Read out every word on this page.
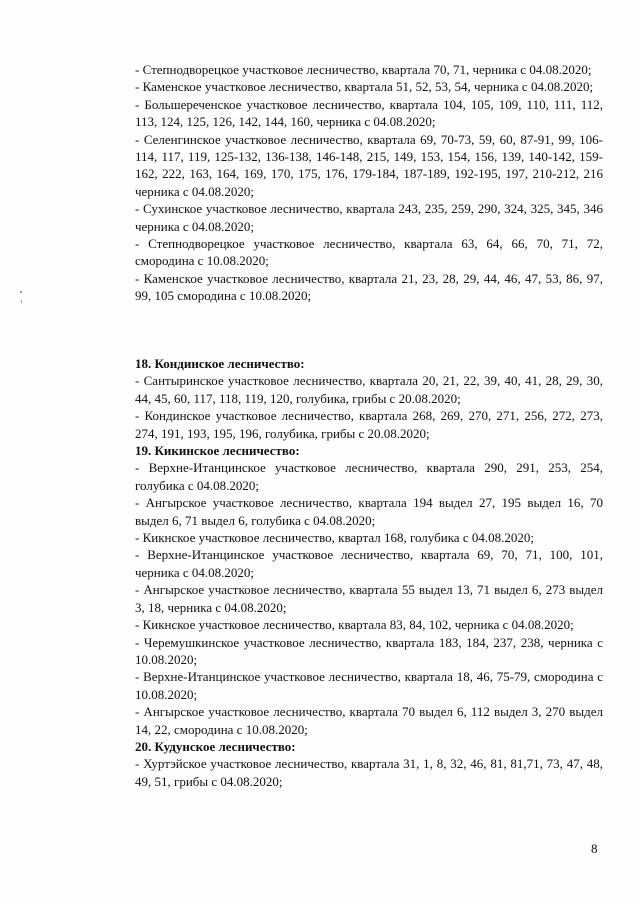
- Степнодворецкое участковое лесничество, квартала 70, 71, черника с 04.08.2020;

- Каменское участковое лесничество, квартала 51, 52, 53, 54, черника с 04.08.2020;

- Большереченское участковое лесничество, квартала 104, 105, 109, 110, 111, 112, 113, 124, 125, 126, 142, 144, 160, черника с 04.08.2020;

- Селенгинское участковое лесничество, квартала 69, 70-73, 59, 60, 87-91, 99, 106-114, 117, 119, 125-132, 136-138, 146-148, 215, 149, 153, 154, 156, 139, 140-142, 159-162, 222, 163, 164, 169, 170, 175, 176, 179-184, 187-189, 192-195, 197, 210-212, 216 черника с 04.08.2020;

- Сухинское участковое лесничество, квартала 243, 235, 259, 290, 324, 325, 345, 346 черника с 04.08.2020;

- Степнодворецкое участковое лесничество, квартала 63, 64, 66, 70, 71, 72, смородина с 10.08.2020;

- Каменское участковое лесничество, квартала 21, 23, 28, 29, 44, 46, 47, 53, 86, 97, 99, 105 смородина с 10.08.2020;

18. Кондинское лесничество:

- Сантыринское участковое лесничество, квартала 20, 21, 22, 39, 40, 41, 28, 29, 30, 44, 45, 60, 117, 118, 119, 120, голубика, грибы с 20.08.2020;

- Кондинское участковое лесничество, квартала 268, 269, 270, 271, 256, 272, 273, 274, 191, 193, 195, 196, голубика, грибы с 20.08.2020;

19. Кикинское лесничество:

- Верхне-Итанцинское участковое лесничество, квартала 290, 291, 253, 254, голубика с 04.08.2020;

- Ангырское участковое лесничество, квартала 194 выдел 27, 195 выдел 16, 70 выдел 6, 71 выдел 6, голубика с 04.08.2020;

- Кикнское участковое лесничество, квартал 168, голубика с 04.08.2020;

- Верхне-Итанцинское участковое лесничество, квартала 69, 70, 71, 100, 101, черника с 04.08.2020;

- Ангырское участковое лесничество, квартала 55 выдел 13, 71 выдел 6, 273 выдел 3, 18, черника с 04.08.2020;

- Кикнское участковое лесничество, квартала 83, 84, 102, черника с 04.08.2020;

- Черемушкинское участковое лесничество, квартала 183, 184, 237, 238, черника с 10.08.2020;

- Верхне-Итанцинское участковое лесничество, квартала 18, 46, 75-79, смородина с 10.08.2020;

- Ангырское участковое лесничество, квартала 70 выдел 6, 112 выдел 3, 270 выдел 14, 22, смородина с 10.08.2020;

20. Кудунское лесничество:

- Хуртэйское участковое лесничество, квартала 31, 1, 8, 32, 46, 81, 81,71, 73, 47, 48, 49, 51, грибы с 04.08.2020;

8
